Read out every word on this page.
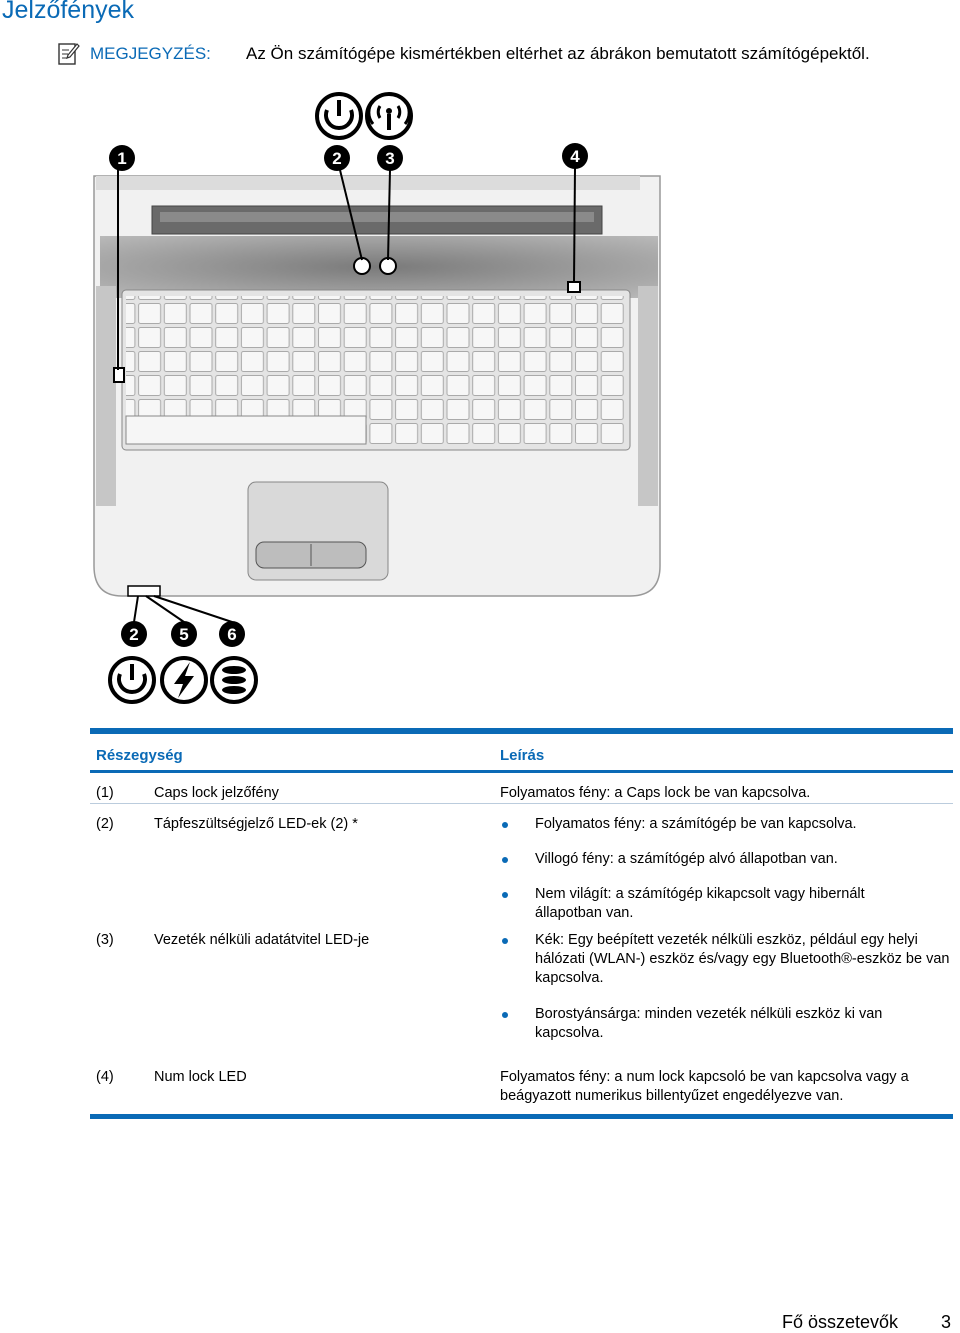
Jelzőfények
MEGJEGYZÉS: Az Ön számítógépe kismértékben eltérhet az ábrákon bemutatott számítógépektől.
1	2	3	4
2 5 6
Részegység	Leírás
(1)	Caps lock jelzőfény	Folyamatos fény: a Caps lock be van kapcsolva.
(2)	Tápfeszültségjelző LED-ek (2) *	Folyamatos fény: a számítógép be van kapcsolva.
Villogó fény: a számítógép alvó állapotban van.
Nem világít: a számítógép kikapcsolt vagy hibernált állapotban van.
(3)	Vezeték nélküli adatátvitel LED-je	Kék: Egy beépített vezeték nélküli eszköz, például egy helyi hálózati (WLAN-) eszköz és/vagy egy Bluetooth®-eszköz be van kapcsolva.
Borostyánsárga: minden vezeték nélküli eszköz ki van kapcsolva.
(4)	Num lock LED	Folyamatos fény: a num lock kapcsoló be van kapcsolva vagy a beágyazott numerikus billentyűzet engedélyezve van.
Fő összetevők 3
